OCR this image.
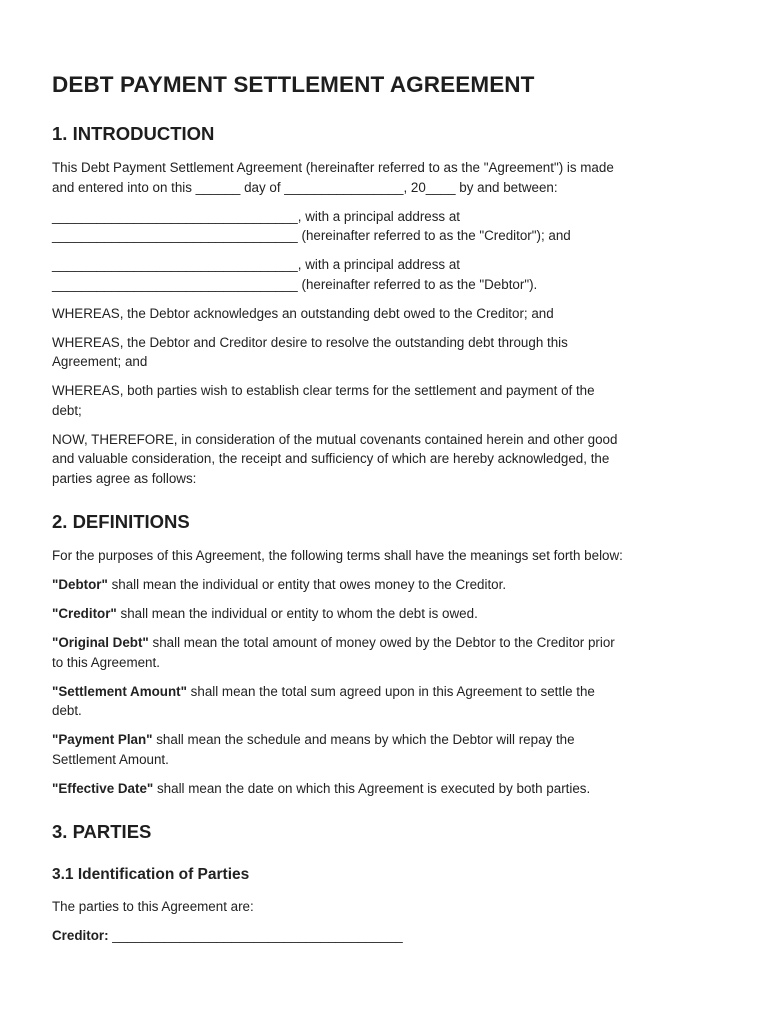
DEBT PAYMENT SETTLEMENT AGREEMENT
1. INTRODUCTION

This Debt Payment Settlement Agreement (hereinafter referred to as the "Agreement") is made
and entered into on this ______ day of ________________, 20____ by and between:

_________________________________, with a principal address at
_________________________________ (hereinafter referred to as the "Creditor"); and

_________________________________, with a principal address at
_________________________________ (hereinafter referred to as the "Debtor").

WHEREAS, the Debtor acknowledges an outstanding debt owed to the Creditor; and

WHEREAS, the Debtor and Creditor desire to resolve the outstanding debt through this
Agreement; and

WHEREAS, both parties wish to establish clear terms for the settlement and payment of the
debt;

NOW, THEREFORE, in consideration of the mutual covenants contained herein and other good
and valuable consideration, the receipt and sufficiency of which are hereby acknowledged, the
parties agree as follows:

2. DEFINITIONS

For the purposes of this Agreement, the following terms shall have the meanings set forth below:

"Debtor" shall mean the individual or entity that owes money to the Creditor.

"Creditor" shall mean the individual or entity to whom the debt is owed.

"Original Debt" shall mean the total amount of money owed by the Debtor to the Creditor prior
to this Agreement.

"Settlement Amount" shall mean the total sum agreed upon in this Agreement to settle the
debt.

"Payment Plan" shall mean the schedule and means by which the Debtor will repay the
Settlement Amount.

"Effective Date" shall mean the date on which this Agreement is executed by both parties.

3. PARTIES
3.1 Identification of Parties

The parties to this Agreement are:

Creditor: _______________________________________
